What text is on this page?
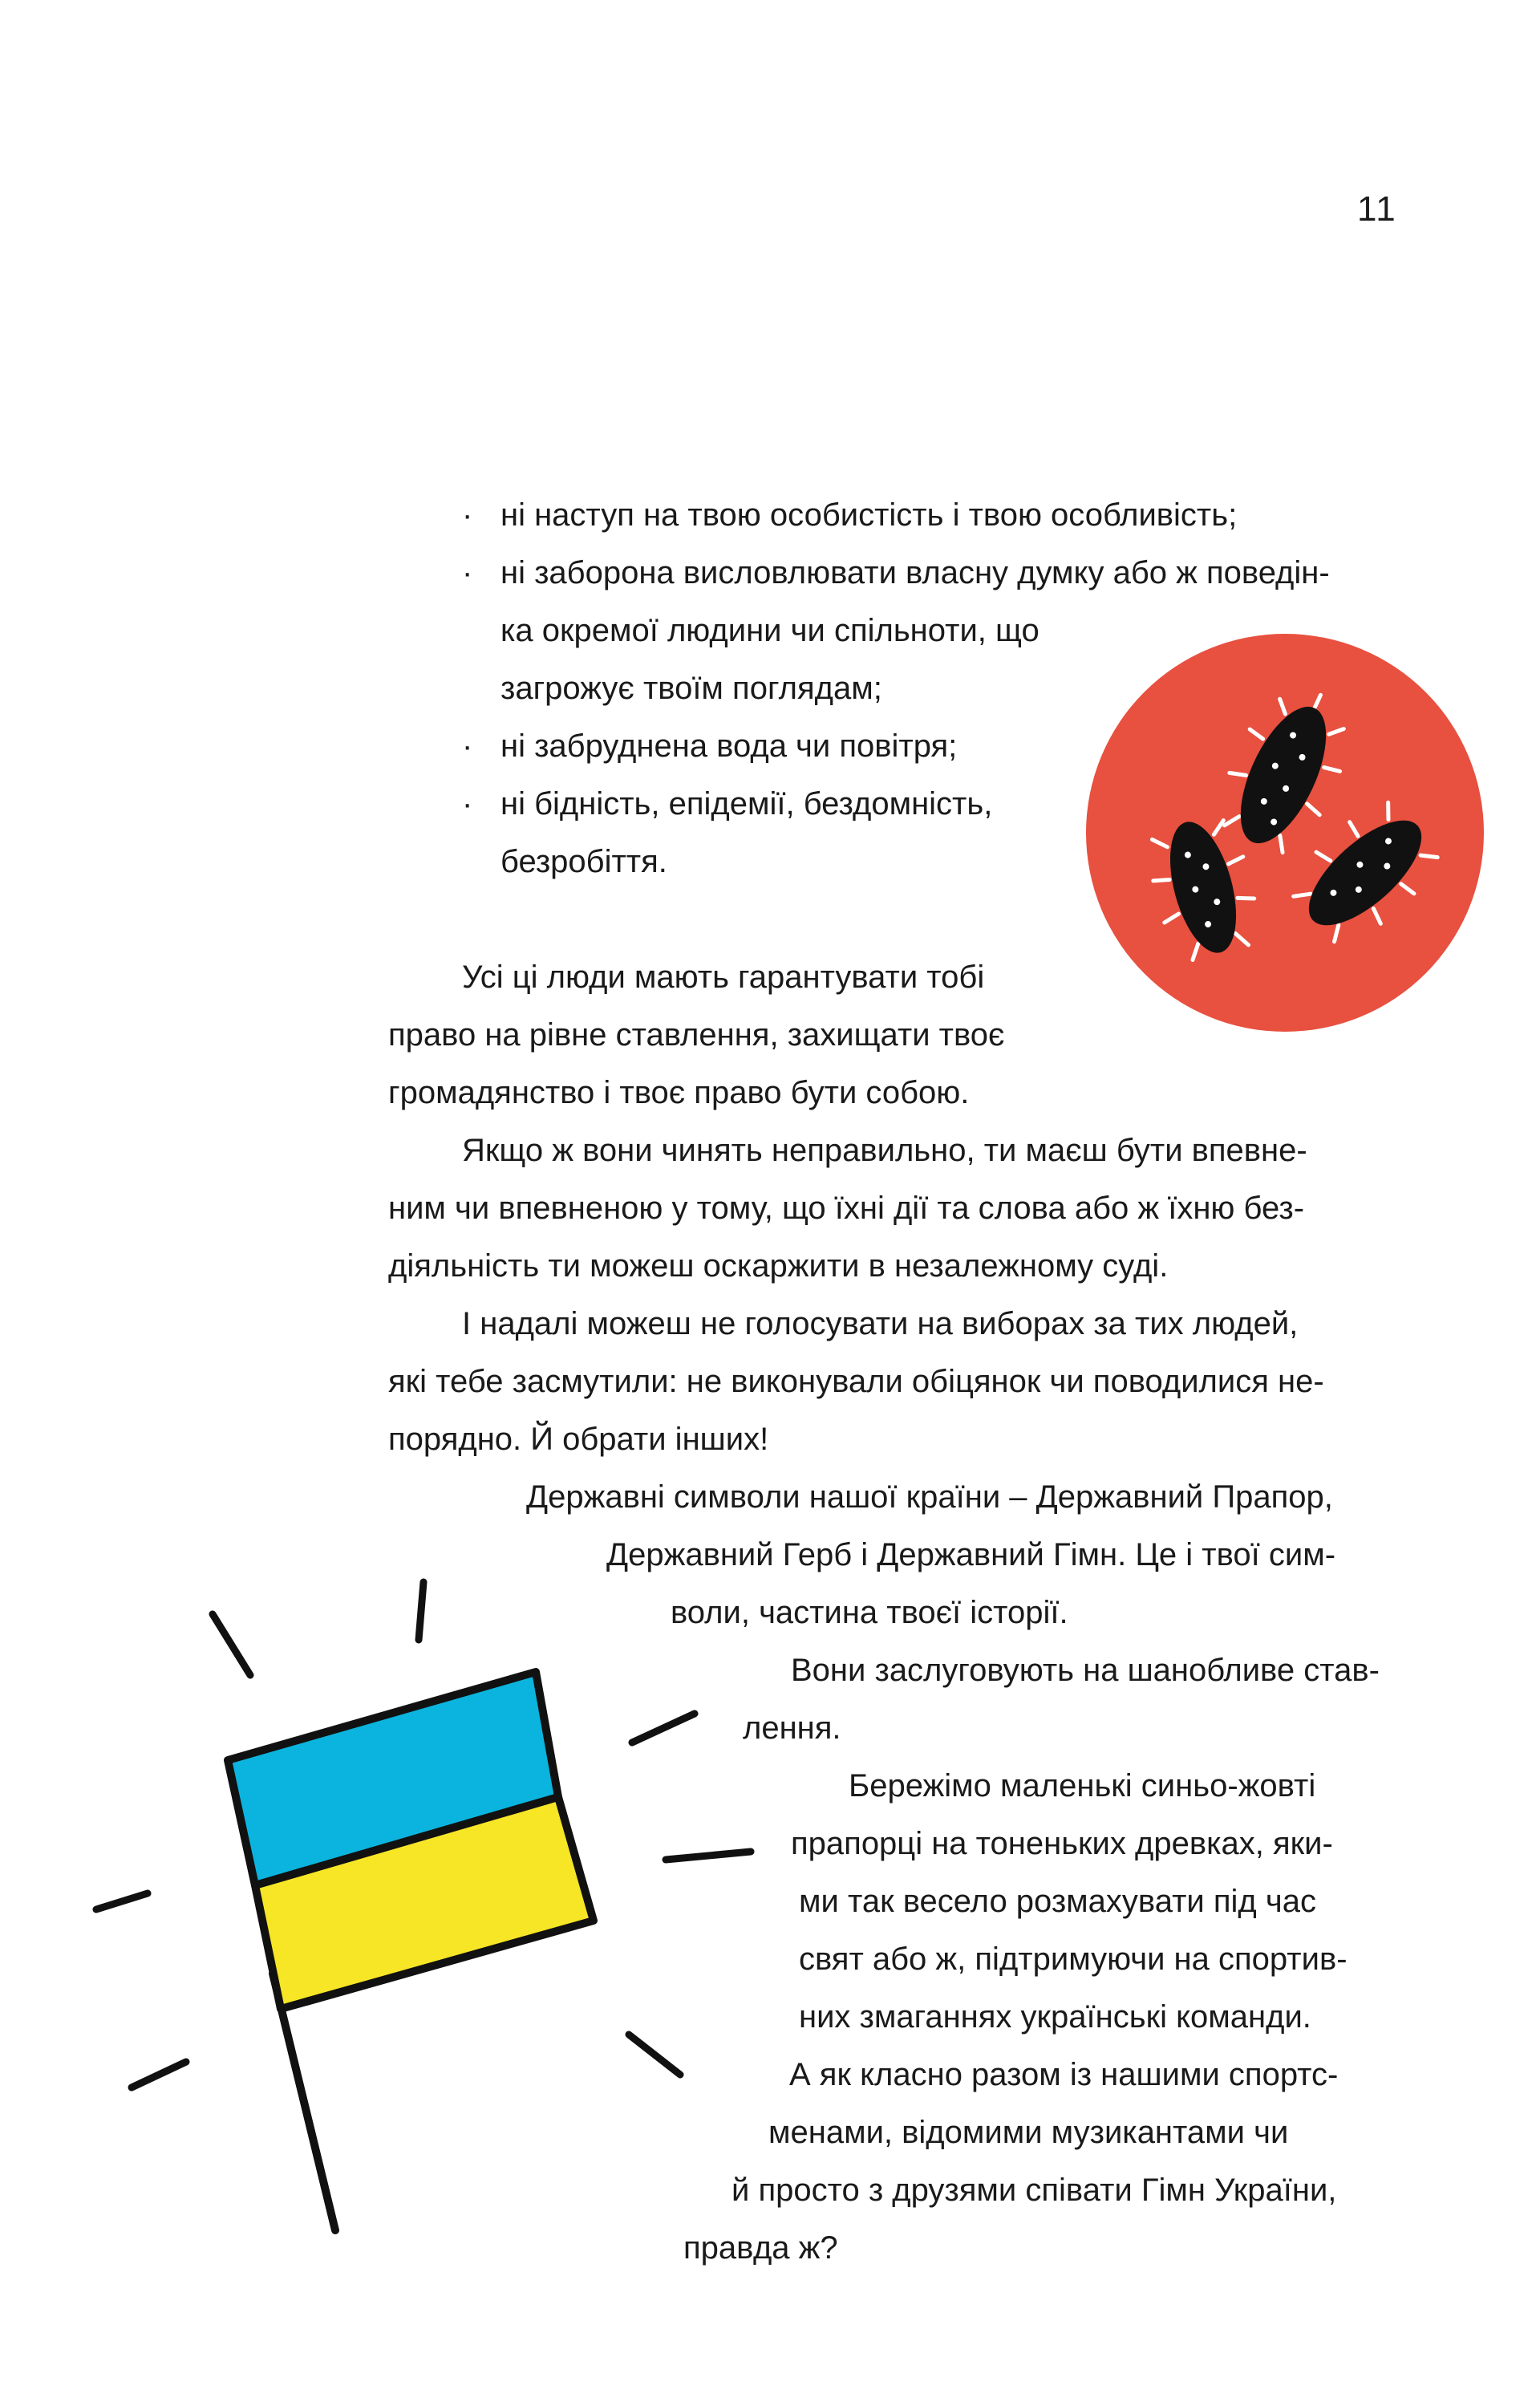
11

· ні наступ на твою особистість і твою особливість;

· ні заборона висловлювати власну думку або ж поведін-

ка окремої людини чи спільноти, що

загрожує твоїм поглядам;

· ні забруднена вода чи повітря;

· ні бідність, епідемії, бездомність,

безробіття.

Усі ці люди мають гарантувати тобі

право на рівне ставлення, захищати твоє

громадянство і твоє право бути собою.

Якщо ж вони чинять неправильно, ти маєш бути впевне-

ним чи впевненою у тому, що їхні дії та слова або ж їхню без-

діяльність ти можеш оскаржити в незалежному суді.

І надалі можеш не голосувати на виборах за тих людей,

які тебе засмутили: не виконували обіцянок чи поводилися не-

порядно. Й обрати інших!

Державні символи нашої країни – Державний Прапор,

Державний Герб і Державний Гімн. Це і твої сим-

воли, частина твоєї історії.

Вони заслуговують на шанобливе став-

лення.

Бережімо маленькі синьо-жовті

прапорці на тоненьких древках, яки-

ми так весело розмахувати під час

свят або ж, підтримуючи на спортив-

них змаганнях українські команди.

А як класно разом із нашими спортс-

менами, відомими музикантами чи

й просто з друзями співати Гімн України,

правда ж?
